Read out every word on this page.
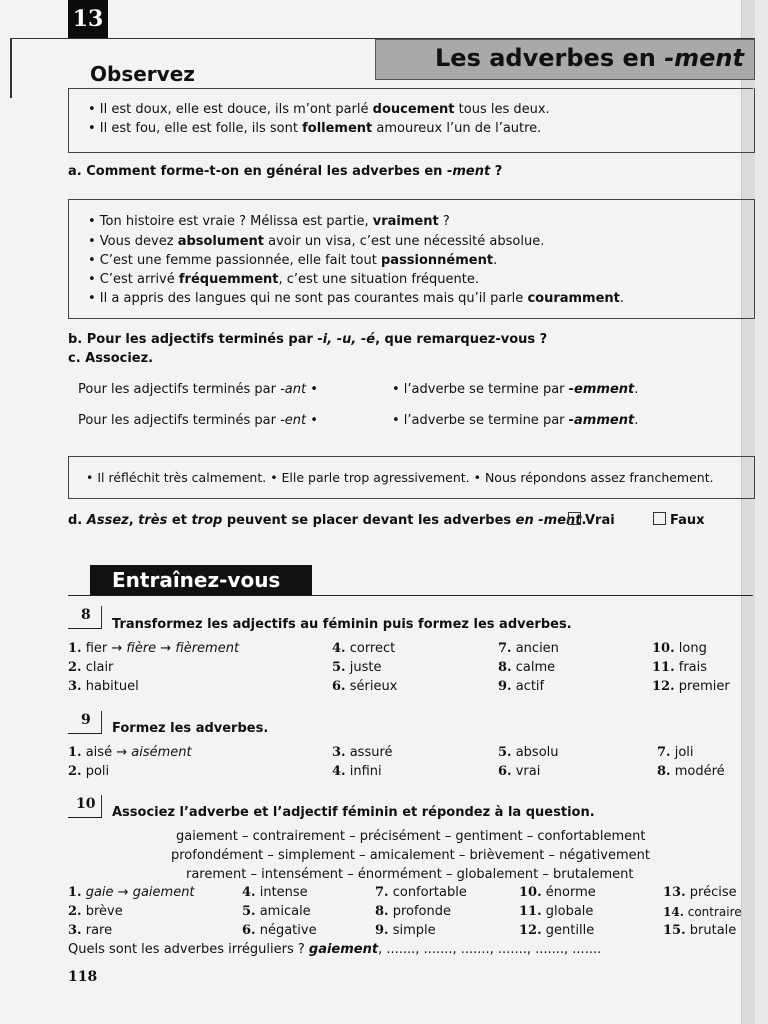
13
Les adverbes en -ment
Observez
• Il est doux, elle est douce, ils m’ont parlé doucement tous les deux.
• Il est fou, elle est folle, ils sont follement amoureux l’un de l’autre.
a. Comment forme-t-on en général les adverbes en -ment ?
• Ton histoire est vraie ? Mélissa est partie, vraiment ?
• Vous devez absolument avoir un visa, c’est une nécessité absolue.
• C’est une femme passionnée, elle fait tout passionnément.
• C’est arrivé fréquemment, c’est une situation fréquente.
• Il a appris des langues qui ne sont pas courantes mais qu’il parle couramment.
b. Pour les adjectifs terminés par -i, -u, -é, que remarquez-vous ?
c. Associez.
Pour les adjectifs terminés par -ant •
Pour les adjectifs terminés par -ent •
• l’adverbe se termine par -emment.
• l’adverbe se termine par -amment.
• Il réfléchit très calmement. • Elle parle trop agressivement. • Nous répondons assez franchement.
d. Assez, très et trop peuvent se placer devant les adverbes en -ment.
Vrai	Faux
Entraînez-vous
8
Transformez les adjectifs au féminin puis formez les adverbes.
1. fier → fière → fièrement
2. clair
3. habituel
4. correct
5. juste
6. sérieux
7. ancien
8. calme
9. actif
10. long
11. frais
12. premier
9
Formez les adverbes.
1. aisé → aisément
2. poli
3. assuré
4. infini
5. absolu
6. vrai
7. joli
8. modéré
10
Associez l’adverbe et l’adjectif féminin et répondez à la question.
gaiement – contrairement – précisément – gentiment – confortablement
profondément – simplement – amicalement – brièvement – négativement
rarement – intensément – énormément – globalement – brutalement
1. gaie → gaiement
2. brève
3. rare
4. intense
5. amicale
6. négative
7. confortable
8. profonde
9. simple
10. énorme
11. globale
12. gentille
13. précise
14. contraire
15. brutale
Quels sont les adverbes irréguliers ? gaiement, ......., ......., ......., ......., ......., .......
118
